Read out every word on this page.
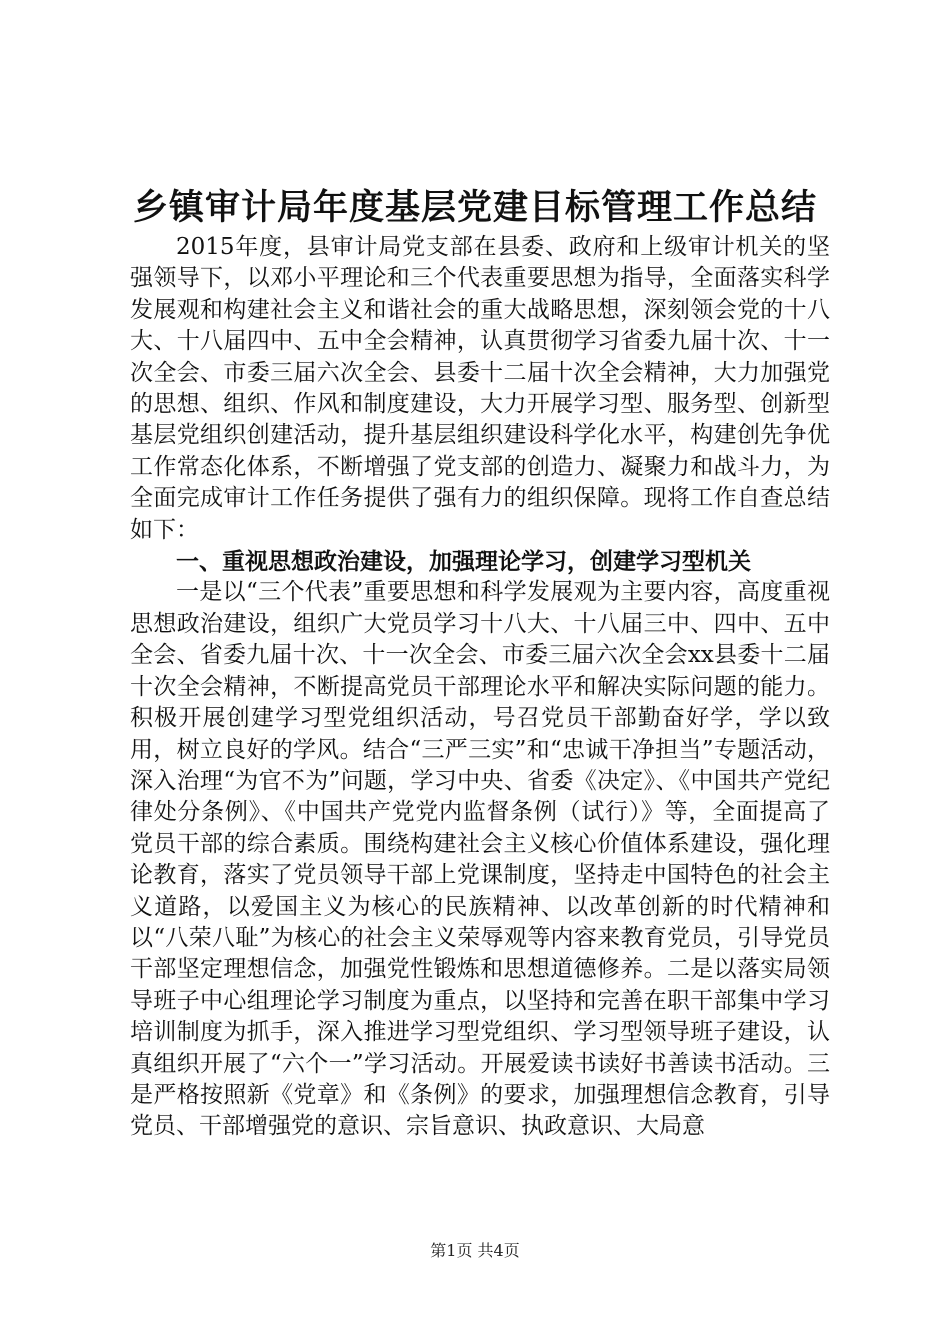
乡镇审计局年度基层党建目标管理工作总结

2015年度，县审计局党支部在县委、政府和上级审计机关的坚强领导下，以邓小平理论和三个代表重要思想为指导，全面落实科学发展观和构建社会主义和谐社会的重大战略思想，深刻领会党的十八大、十八届四中、五中全会精神，认真贯彻学习省委九届十次、十一次全会、市委三届六次全会、县委十二届十次全会精神，大力加强党的思想、组织、作风和制度建设，大力开展学习型、服务型、创新型基层党组织创建活动，提升基层组织建设科学化水平，构建创先争优工作常态化体系，不断增强了党支部的创造力、凝聚力和战斗力，为全面完成审计工作任务提供了强有力的组织保障。现将工作自查总结如下：

一、重视思想政治建设，加强理论学习，创建学习型机关

一是以“三个代表”重要思想和科学发展观为主要内容，高度重视思想政治建设，组织广大党员学习十八大、十八届三中、四中、五中全会、省委九届十次、十一次全会、市委三届六次全会xx县委十二届十次全会精神，不断提高党员干部理论水平和解决实际问题的能力。积极开展创建学习型党组织活动，号召党员干部勤奋好学，学以致用，树立良好的学风。结合“三严三实”和“忠诚干净担当”专题活动，深入治理“为官不为”问题，学习中央、省委《决定》、《中国共产党纪律处分条例》、《中国共产党党内监督条例（试行）》等，全面提高了党员干部的综合素质。围绕构建社会主义核心价值体系建设，强化理论教育，落实了党员领导干部上党课制度，坚持走中国特色的社会主义道路，以爱国主义为核心的民族精神、以改革创新的时代精神和以“八荣八耻”为核心的社会主义荣辱观等内容来教育党员，引导党员干部坚定理想信念，加强党性锻炼和思想道德修养。二是以落实局领导班子中心组理论学习制度为重点，以坚持和完善在职干部集中学习培训制度为抓手，深入推进学习型党组织、学习型领导班子建设，认真组织开展了“六个一”学习活动。开展爱读书读好书善读书活动。三是严格按照新《党章》和《条例》的要求，加强理想信念教育，引导党员、干部增强党的意识、宗旨意识、执政意识、大局意

第1页 共4页
